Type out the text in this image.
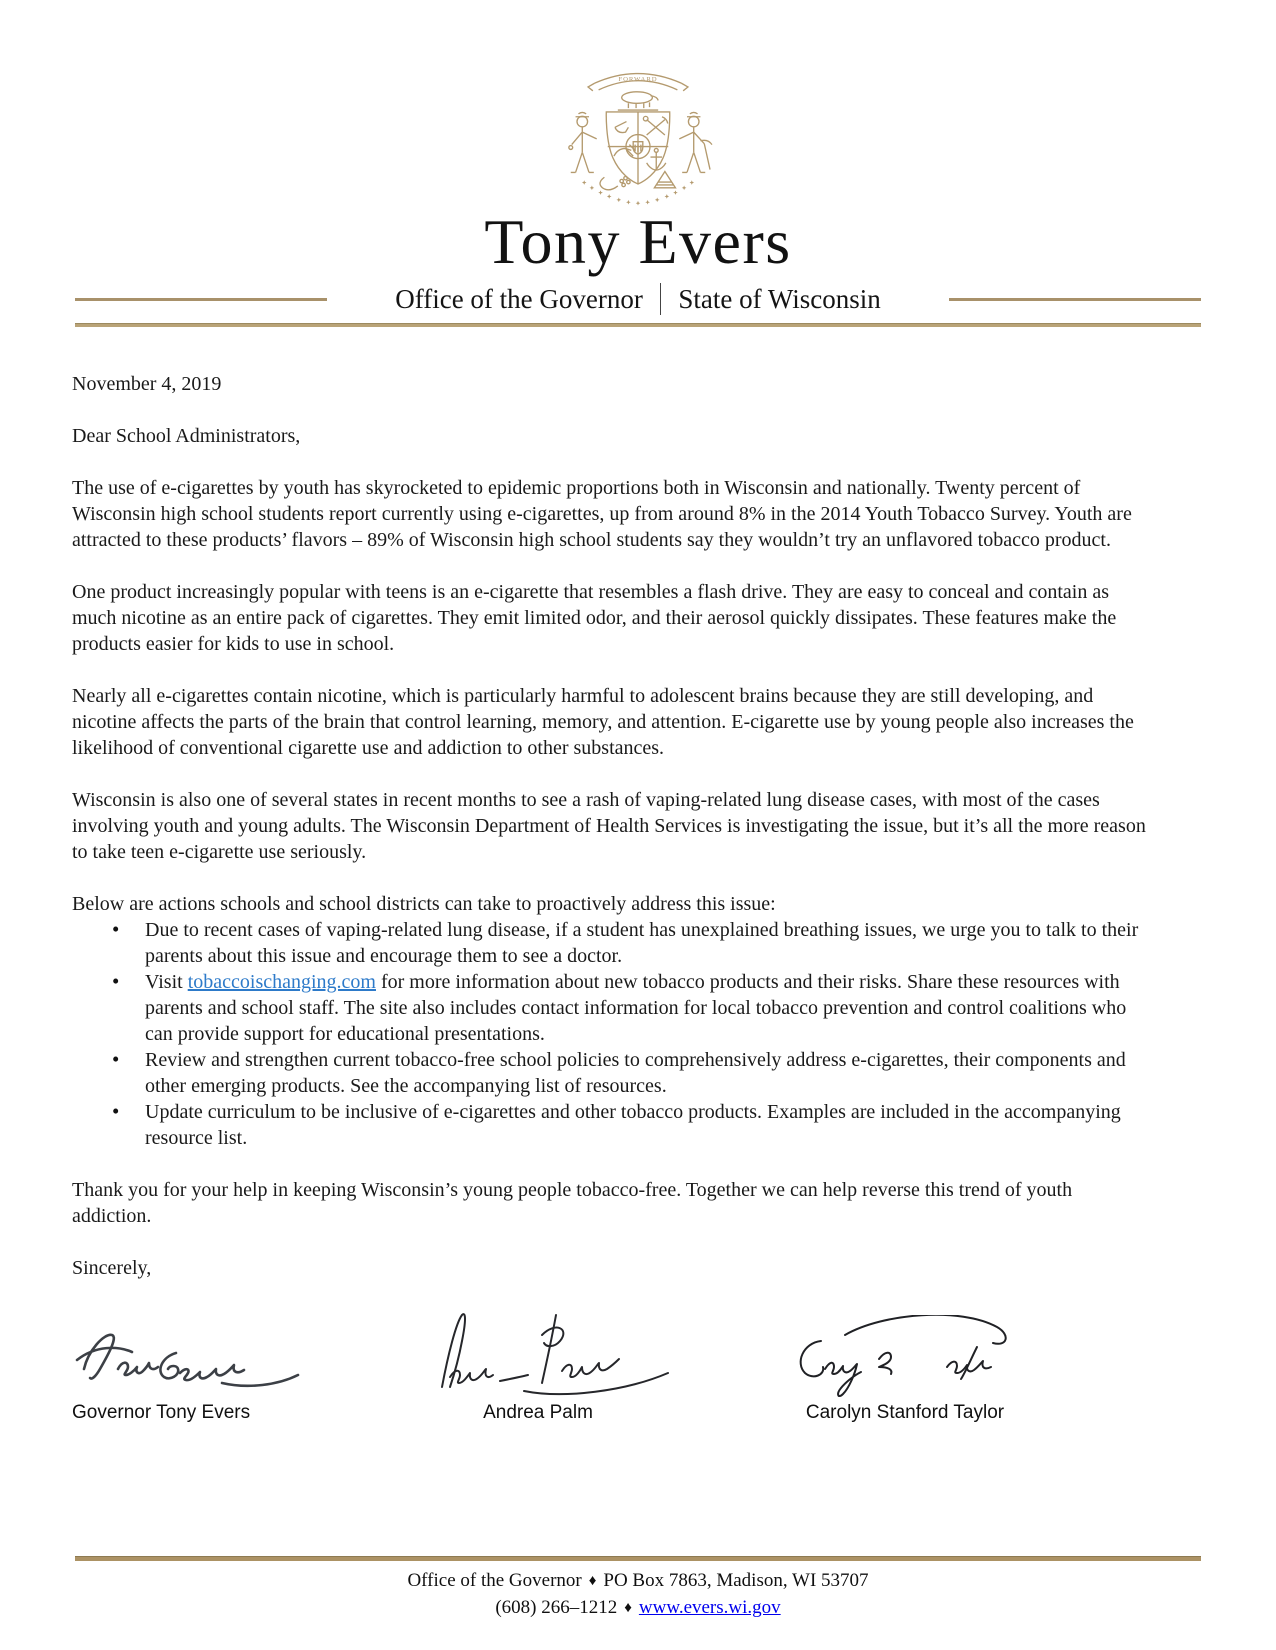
FORWARD
Tony Evers
Office of the Governor State of Wisconsin

November 4, 2019

Dear School Administrators,

The use of e-cigarettes by youth has skyrocketed to epidemic proportions both in Wisconsin and nationally. Twenty percent of Wisconsin high school students report currently using e-cigarettes, up from around 8% in the 2014 Youth Tobacco Survey. Youth are attracted to these products’ flavors – 89% of Wisconsin high school students say they wouldn’t try an unflavored tobacco product.

One product increasingly popular with teens is an e-cigarette that resembles a flash drive. They are easy to conceal and contain as much nicotine as an entire pack of cigarettes. They emit limited odor, and their aerosol quickly dissipates. These features make the products easier for kids to use in school.

Nearly all e-cigarettes contain nicotine, which is particularly harmful to adolescent brains because they are still developing, and nicotine affects the parts of the brain that control learning, memory, and attention. E-cigarette use by young people also increases the likelihood of conventional cigarette use and addiction to other substances.

Wisconsin is also one of several states in recent months to see a rash of vaping-related lung disease cases, with most of the cases involving youth and young adults. The Wisconsin Department of Health Services is investigating the issue, but it’s all the more reason to take teen e-cigarette use seriously.

Below are actions schools and school districts can take to proactively address this issue:

• Due to recent cases of vaping-related lung disease, if a student has unexplained breathing issues, we urge you to talk to their parents about this issue and encourage them to see a doctor.
• Visit tobaccoischanging.com for more information about new tobacco products and their risks. Share these resources with parents and school staff. The site also includes contact information for local tobacco prevention and control coalitions who can provide support for educational presentations.
• Review and strengthen current tobacco-free school policies to comprehensively address e-cigarettes, their components and other emerging products. See the accompanying list of resources.
• Update curriculum to be inclusive of e-cigarettes and other tobacco products. Examples are included in the accompanying resource list.

Thank you for your help in keeping Wisconsin’s young people tobacco-free. Together we can help reverse this trend of youth addiction.

Sincerely,

Governor Tony Evers	Andrea Palm	Carolyn Stanford Taylor

Office of the Governor ♦ PO Box 7863, Madison, WI 53707

(608) 266–1212 ♦ www.evers.wi.gov
